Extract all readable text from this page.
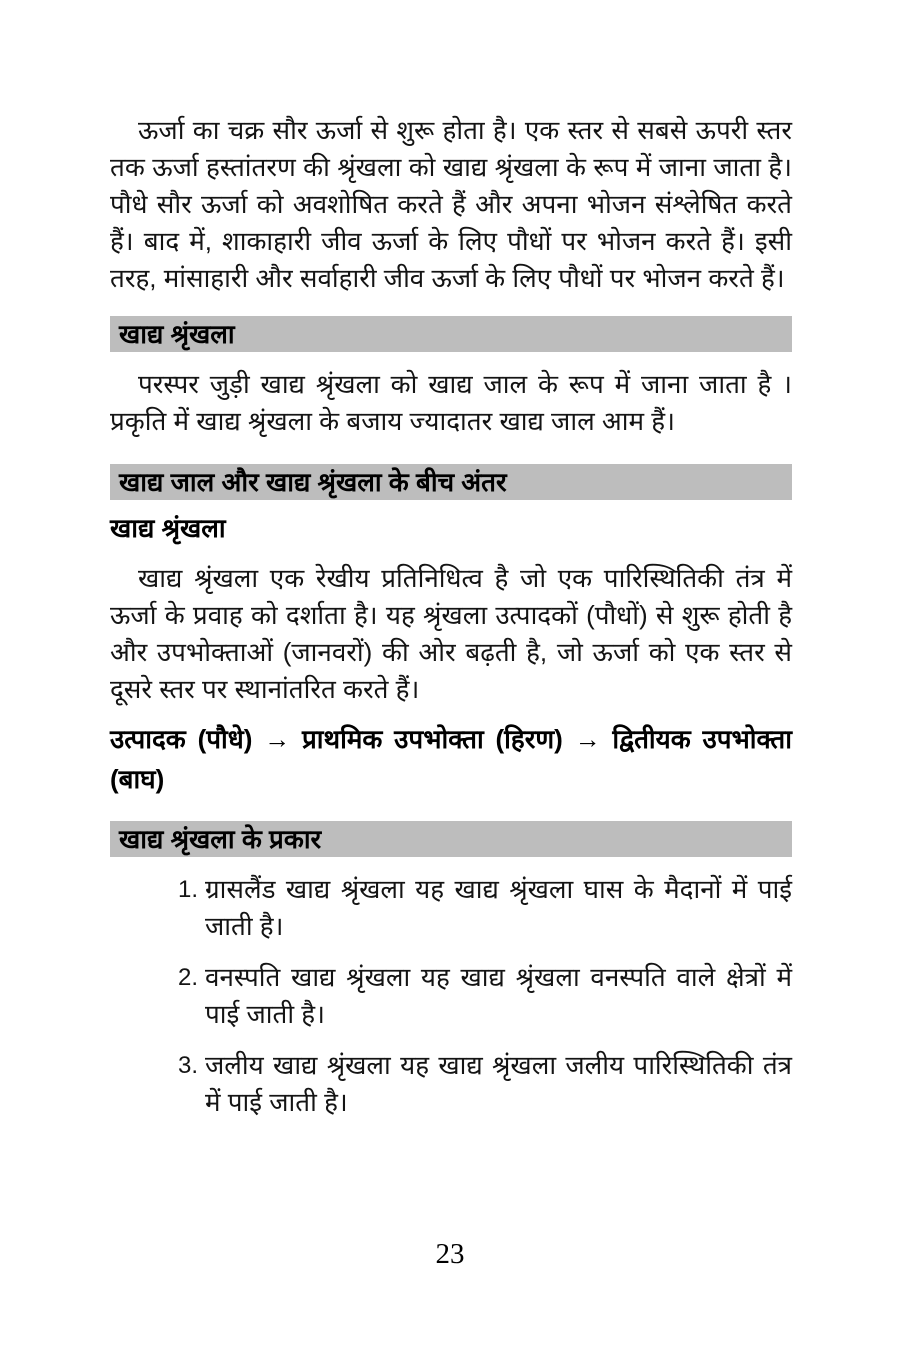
ऊर्जा का चक्र सौर ऊर्जा से शुरू होता है। एक स्तर से सबसे ऊपरी स्तर तक ऊर्जा हस्तांतरण की श्रृंखला को खाद्य श्रृंखला के रूप में जाना जाता है। पौधे सौर ऊर्जा को अवशोषित करते हैं और अपना भोजन संश्लेषित करते हैं। बाद में, शाकाहारी जीव ऊर्जा के लिए पौधों पर भोजन करते हैं। इसी तरह, मांसाहारी और सर्वाहारी जीव ऊर्जा के लिए पौधों पर भोजन करते हैं।

खाद्य श्रृंखला

परस्पर जुड़ी खाद्य श्रृंखला को खाद्य जाल के रूप में जाना जाता है । प्रकृति में खाद्य श्रृंखला के बजाय ज्यादातर खाद्य जाल आम हैं।

खाद्य जाल और खाद्य श्रृंखला के बीच अंतर
खाद्य श्रृंखला

खाद्य श्रृंखला एक रेखीय प्रतिनिधित्व है जो एक पारिस्थितिकी तंत्र में ऊर्जा के प्रवाह को दर्शाता है। यह श्रृंखला उत्पादकों (पौधों) से शुरू होती है और उपभोक्ताओं (जानवरों) की ओर बढ़ती है, जो ऊर्जा को एक स्तर से दूसरे स्तर पर स्थानांतरित करते हैं।

उत्पादक (पौधे) → प्राथमिक उपभोक्ता (हिरण) → द्वितीयक उपभोक्ता (बाघ)

खाद्य श्रृंखला के प्रकार
1. ग्रासलैंड खाद्य श्रृंखला यह खाद्य श्रृंखला घास के मैदानों में पाई जाती है।
2. वनस्पति खाद्य श्रृंखला यह खाद्य श्रृंखला वनस्पति वाले क्षेत्रों में पाई जाती है।
3. जलीय खाद्य श्रृंखला यह खाद्य श्रृंखला जलीय पारिस्थितिकी तंत्र में पाई जाती है।
23
